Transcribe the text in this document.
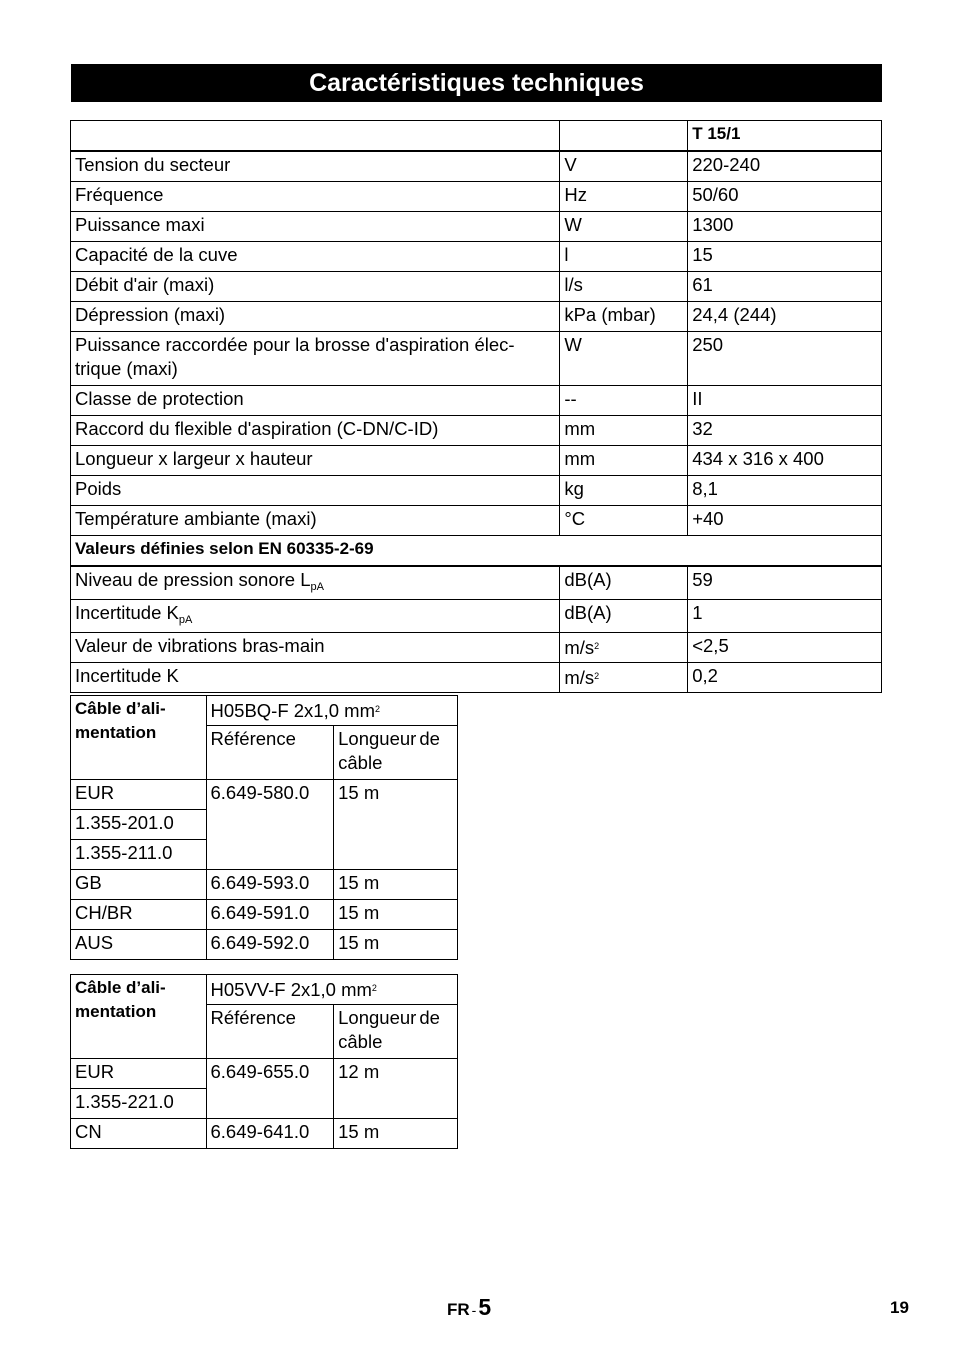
Caractéristiques techniques
		T 15/1
Tension du secteur	V	220-240
Fréquence	Hz	50/60
Puissance maxi	W	1300
Capacité de la cuve	l	15
Débit d'air (maxi)	l/s	61
Dépression (maxi)	kPa (mbar)	24,4 (244)
Puissance raccordée pour la brosse d'aspiration élec-
trique (maxi)	W	250
Classe de protection	--	II
Raccord du flexible d'aspiration (C-DN/C-ID)	mm	32
Longueur x largeur x hauteur	mm	434 x 316 x 400
Poids	kg	8,1
Température ambiante (maxi)	°C	+40
Valeurs définies selon EN 60335-2-69		
Niveau de pression sonore $L_{pA}$	dB(A)	59
Incertitude $K_{pA}$	dB(A)	1
Valeur de vibrations bras-main	$m/s^2$	<2,5
Incertitude K	$m/s^2$	0,2
Câble d’ali-
mentation	H05BQ-F 2x1,0 $mm^2$
	Référence	Longueur de
câble
EUR	6.649-580.0	15 m
1.355-201.0		
1.355-211.0		
GB	6.649-593.0	15 m
CH/BR	6.649-591.0	15 m
AUS	6.649-592.0	15 m
Câble d’ali-
mentation	H05VV-F 2x1,0 $mm^2$
	Référence	Longueur de
câble
EUR	6.649-655.0	12 m
1.355-221.0		
CN	6.649-641.0	15 m
FR -5	19
